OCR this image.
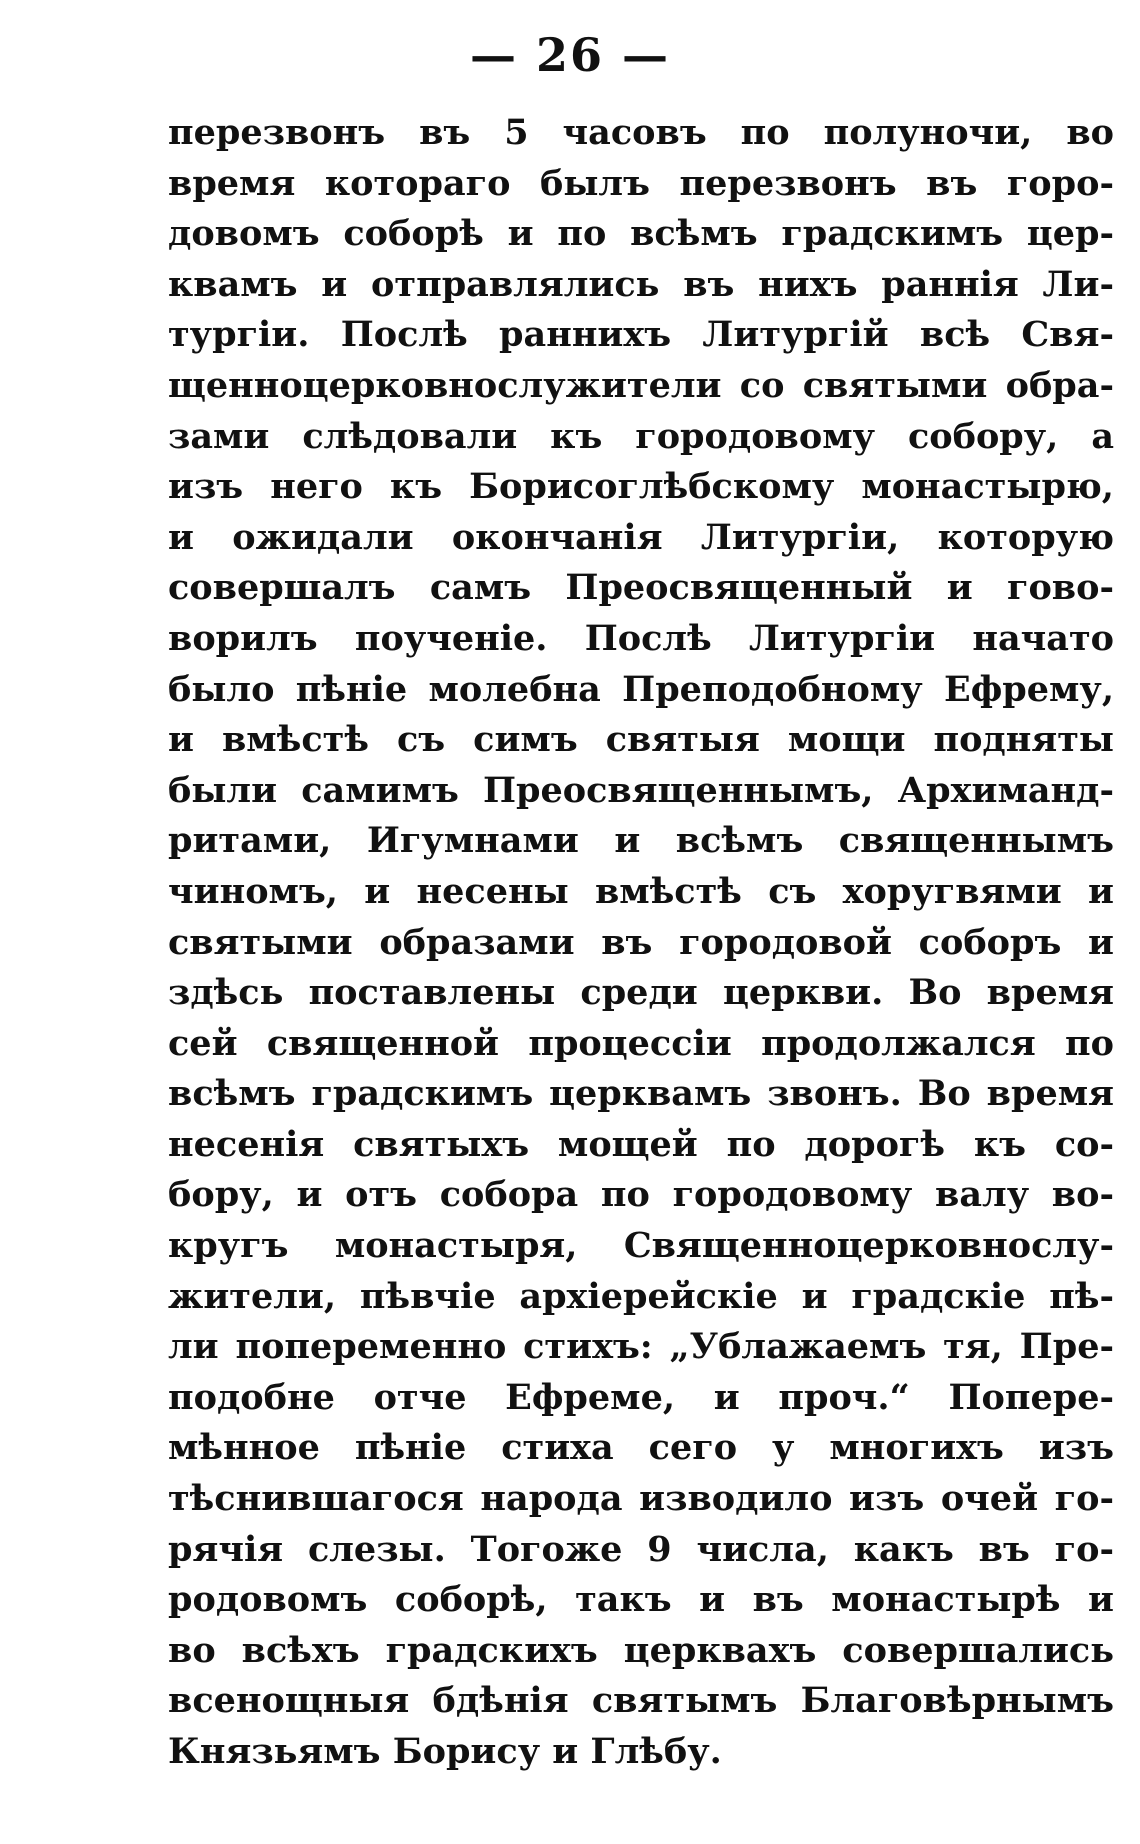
— 26 —
перезвонъ въ 5 часовъ по полуночи, во
время котораго былъ перезвонъ въ горо-
довомъ соборѣ и по всѣмъ градскимъ цер-
квамъ и отправлялись въ нихъ раннія Ли-
тургіи. Послѣ раннихъ Литургій всѣ Свя-
щенноцерковнослужители со святыми обра-
зами слѣдовали къ городовому собору, а
изъ него къ Борисоглѣбскому монастырю,
и ожидали окончанія Литургіи, которую
совершалъ самъ Преосвященный и гово-
ворилъ поученіе. Послѣ Литургіи начато
было пѣніе молебна Преподобному Ефрему,
и вмѣстѣ съ симъ святыя мощи подняты
были самимъ Преосвященнымъ, Архиманд-
ритами, Игумнами и всѣмъ священнымъ
чиномъ, и несены вмѣстѣ съ хоругвями и
святыми образами въ городовой соборъ и
здѣсь поставлены среди церкви. Во время
сей священной процессіи продолжался по
всѣмъ градскимъ церквамъ звонъ. Во время
несенія святыхъ мощей по дорогѣ къ со-
бору, и отъ собора по городовому валу во-
кругъ монастыря, Священноцерковнослу-
жители, пѣвчіе архіерейскіе и градскіе пѣ-
ли попеременно стихъ: „Ублажаемъ тя, Пре-
подобне отче Ефреме, и проч.“ Попере-
мѣнное пѣніе стиха сего у многихъ изъ
тѣснившагося народа изводило изъ очей го-
рячія слезы. Тогоже 9 числа, какъ въ го-
родовомъ соборѣ, такъ и въ монастырѣ и
во всѣхъ градскихъ церквахъ совершались
всенощныя бдѣнія святымъ Благовѣрнымъ
Князьямъ Борису и Глѣбу.
